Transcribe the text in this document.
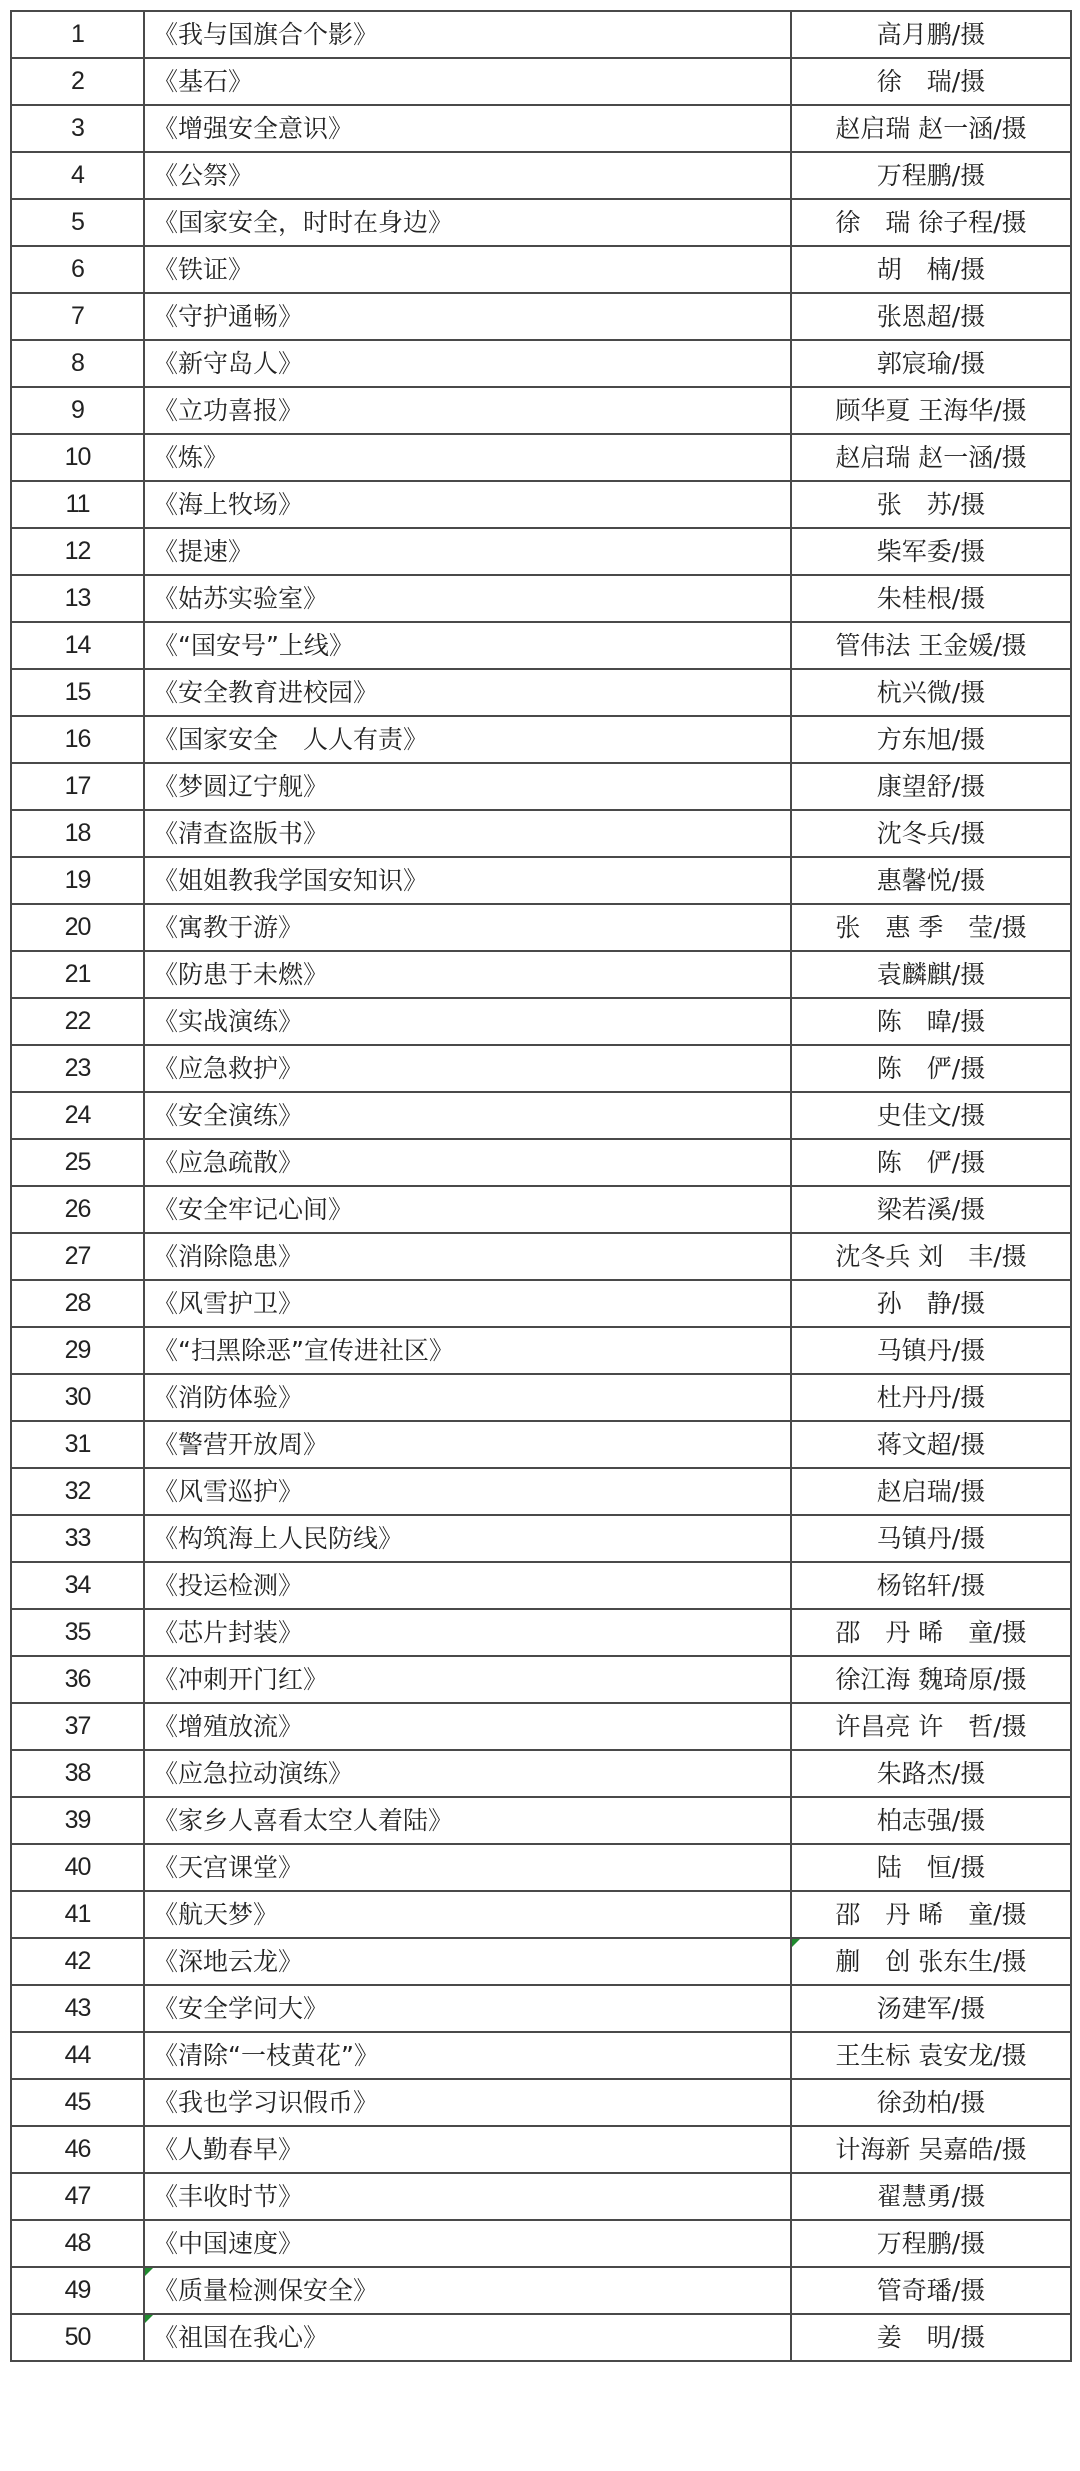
1	《我与国旗合个影》	高月鹏/摄
2	《基石》	徐　瑞/摄
3	《增强安全意识》	赵启瑞 赵一涵/摄
4	《公祭》	万程鹏/摄
5	《国家安全，时时在身边》	徐　瑞 徐子程/摄
6	《铁证》	胡　楠/摄
7	《守护通畅》	张恩超/摄
8	《新守岛人》	郭宸瑜/摄
9	《立功喜报》	顾华夏 王海华/摄
10	《炼》	赵启瑞 赵一涵/摄
11	《海上牧场》	张　苏/摄
12	《提速》	柴军委/摄
13	《姑苏实验室》	朱桂根/摄
14	《“国安号”上线》	管伟法 王金媛/摄
15	《安全教育进校园》	杭兴微/摄
16	《国家安全　人人有责》	方东旭/摄
17	《梦圆辽宁舰》	康望舒/摄
18	《清查盗版书》	沈冬兵/摄
19	《姐姐教我学国安知识》	惠馨悦/摄
20	《寓教于游》	张　惠 季　莹/摄
21	《防患于未燃》	袁麟麒/摄
22	《实战演练》	陈　暐/摄
23	《应急救护》	陈　俨/摄
24	《安全演练》	史佳文/摄
25	《应急疏散》	陈　俨/摄
26	《安全牢记心间》	梁若溪/摄
27	《消除隐患》	沈冬兵 刘　丰/摄
28	《风雪护卫》	孙　静/摄
29	《“扫黑除恶”宣传进社区》	马镇丹/摄
30	《消防体验》	杜丹丹/摄
31	《警营开放周》	蒋文超/摄
32	《风雪巡护》	赵启瑞/摄
33	《构筑海上人民防线》	马镇丹/摄
34	《投运检测》	杨铭轩/摄
35	《芯片封装》	邵　丹 晞　童/摄
36	《冲刺开门红》	徐江海 魏琦原/摄
37	《增殖放流》	许昌亮 许　哲/摄
38	《应急拉动演练》	朱路杰/摄
39	《家乡人喜看太空人着陆》	柏志强/摄
40	《天宫课堂》	陆　恒/摄
41	《航天梦》	邵　丹 晞　童/摄
42	《深地云龙》	蒯　创 张东生/摄

43	《安全学问大》	汤建军/摄
44	《清除“一枝黄花”》	王生标 袁安龙/摄
45	《我也学习识假币》	徐劲柏/摄
46	《人勤春早》	计海新 吴嘉皓/摄
47	《丰收时节》	翟慧勇/摄
48	《中国速度》	万程鹏/摄
49	《质量检测保安全》	管奇璠/摄
50	《祖国在我心》	姜　明/摄
